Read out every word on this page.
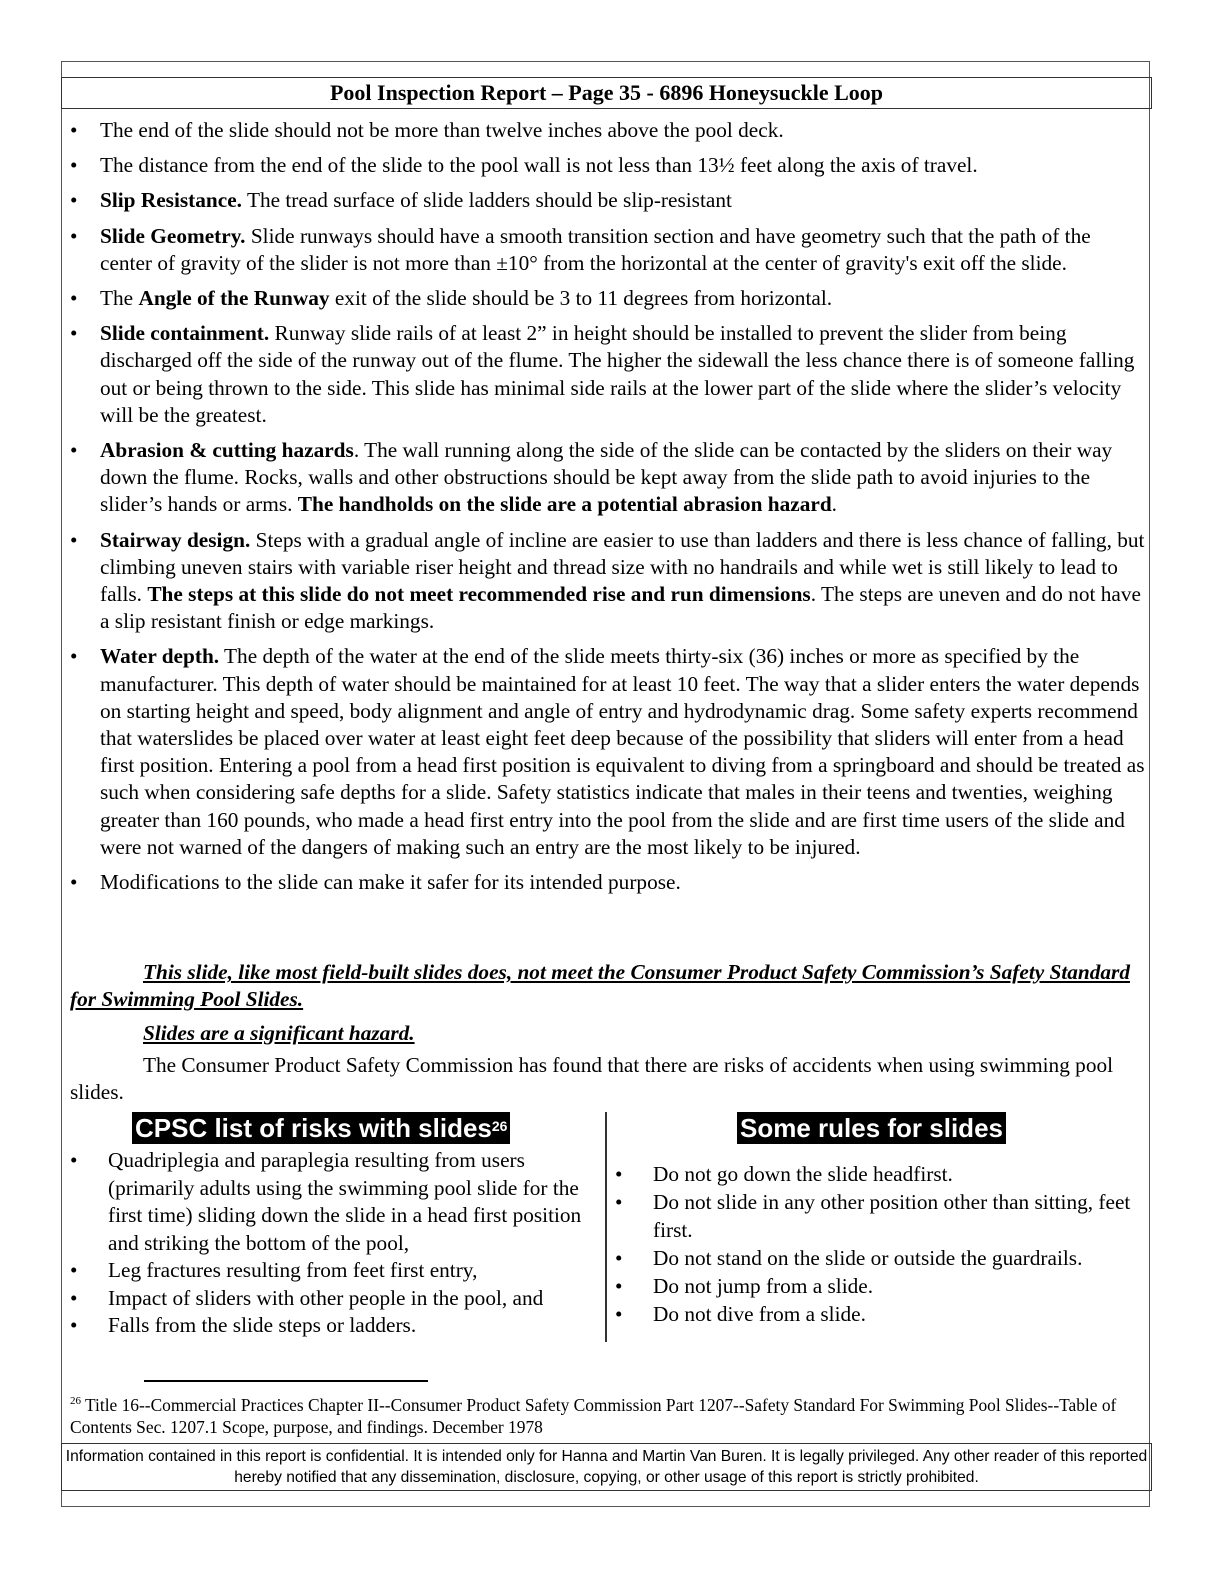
Pool Inspection Report – Page 35 - 6896 Honeysuckle Loop
•	The end of the slide should not be more than twelve inches above the pool deck.
•	The distance from the end of the slide to the pool wall is not less than 13½ feet along the axis of travel.
•	Slip Resistance. The tread surface of slide ladders should be slip-resistant
•	Slide Geometry. Slide runways should have a smooth transition section and have geometry such that the path of the center of gravity of the slider is not more than ±10° from the horizontal at the center of gravity's exit off the slide.
•	The Angle of the Runway exit of the slide should be 3 to 11 degrees from horizontal.
•	Slide containment. Runway slide rails of at least 2” in height should be installed to prevent the slider from being discharged off the side of the runway out of the flume. The higher the sidewall the less chance there is of someone falling out or being thrown to the side. This slide has minimal side rails at the lower part of the slide where the slider’s velocity will be the greatest.
•	Abrasion & cutting hazards. The wall running along the side of the slide can be contacted by the sliders on their way down the flume. Rocks, walls and other obstructions should be kept away from the slide path to avoid injuries to the slider’s hands or arms. The handholds on the slide are a potential abrasion hazard.
•	Stairway design. Steps with a gradual angle of incline are easier to use than ladders and there is less chance of falling, but climbing uneven stairs with variable riser height and thread size with no handrails and while wet is still likely to lead to falls. The steps at this slide do not meet recommended rise and run dimensions. The steps are uneven and do not have a slip resistant finish or edge markings.
•	Water depth. The depth of the water at the end of the slide meets thirty-six (36) inches or more as specified by the manufacturer. This depth of water should be maintained for at least 10 feet. The way that a slider enters the water depends on starting height and speed, body alignment and angle of entry and hydrodynamic drag. Some safety experts recommend that waterslides be placed over water at least eight feet deep because of the possibility that sliders will enter from a head first position. Entering a pool from a head first position is equivalent to diving from a springboard and should be treated as such when considering safe depths for a slide. Safety statistics indicate that males in their teens and twenties, weighing greater than 160 pounds, who made a head first entry into the pool from the slide and are first time users of the slide and were not warned of the dangers of making such an entry are the most likely to be injured.
•	Modifications to the slide can make it safer for its intended purpose.

This slide, like most field-built slides does, not meet the Consumer Product Safety Commission’s Safety Standard for Swimming Pool Slides.

Slides are a significant hazard.

The Consumer Product Safety Commission has found that there are risks of accidents when using swimming pool slides.

CPSC list of risks with slides$^{26}$	Some rules for slides
• Quadriplegia and paraplegia resulting from users (primarily adults using the swimming pool slide for the first time) sliding down the slide in a head first position and striking the bottom of the pool,
• Leg fractures resulting from feet first entry,
• Impact of sliders with other people in the pool, and
• Falls from the slide steps or ladders.
• Do not go down the slide headfirst.
• Do not slide in any other position other than sitting, feet first.
• Do not stand on the slide or outside the guardrails.
• Do not jump from a slide.
• Do not dive from a slide.

$^{26}$ Title 16--Commercial Practices Chapter II--Consumer Product Safety Commission Part 1207--Safety Standard For Swimming Pool Slides--Table of Contents Sec. 1207.1 Scope, purpose, and findings. December 1978

Information contained in this report is confidential. It is intended only for Hanna and Martin Van Buren. It is legally privileged. Any other reader of this reported hereby notified that any dissemination, disclosure, copying, or other usage of this report is strictly prohibited.
